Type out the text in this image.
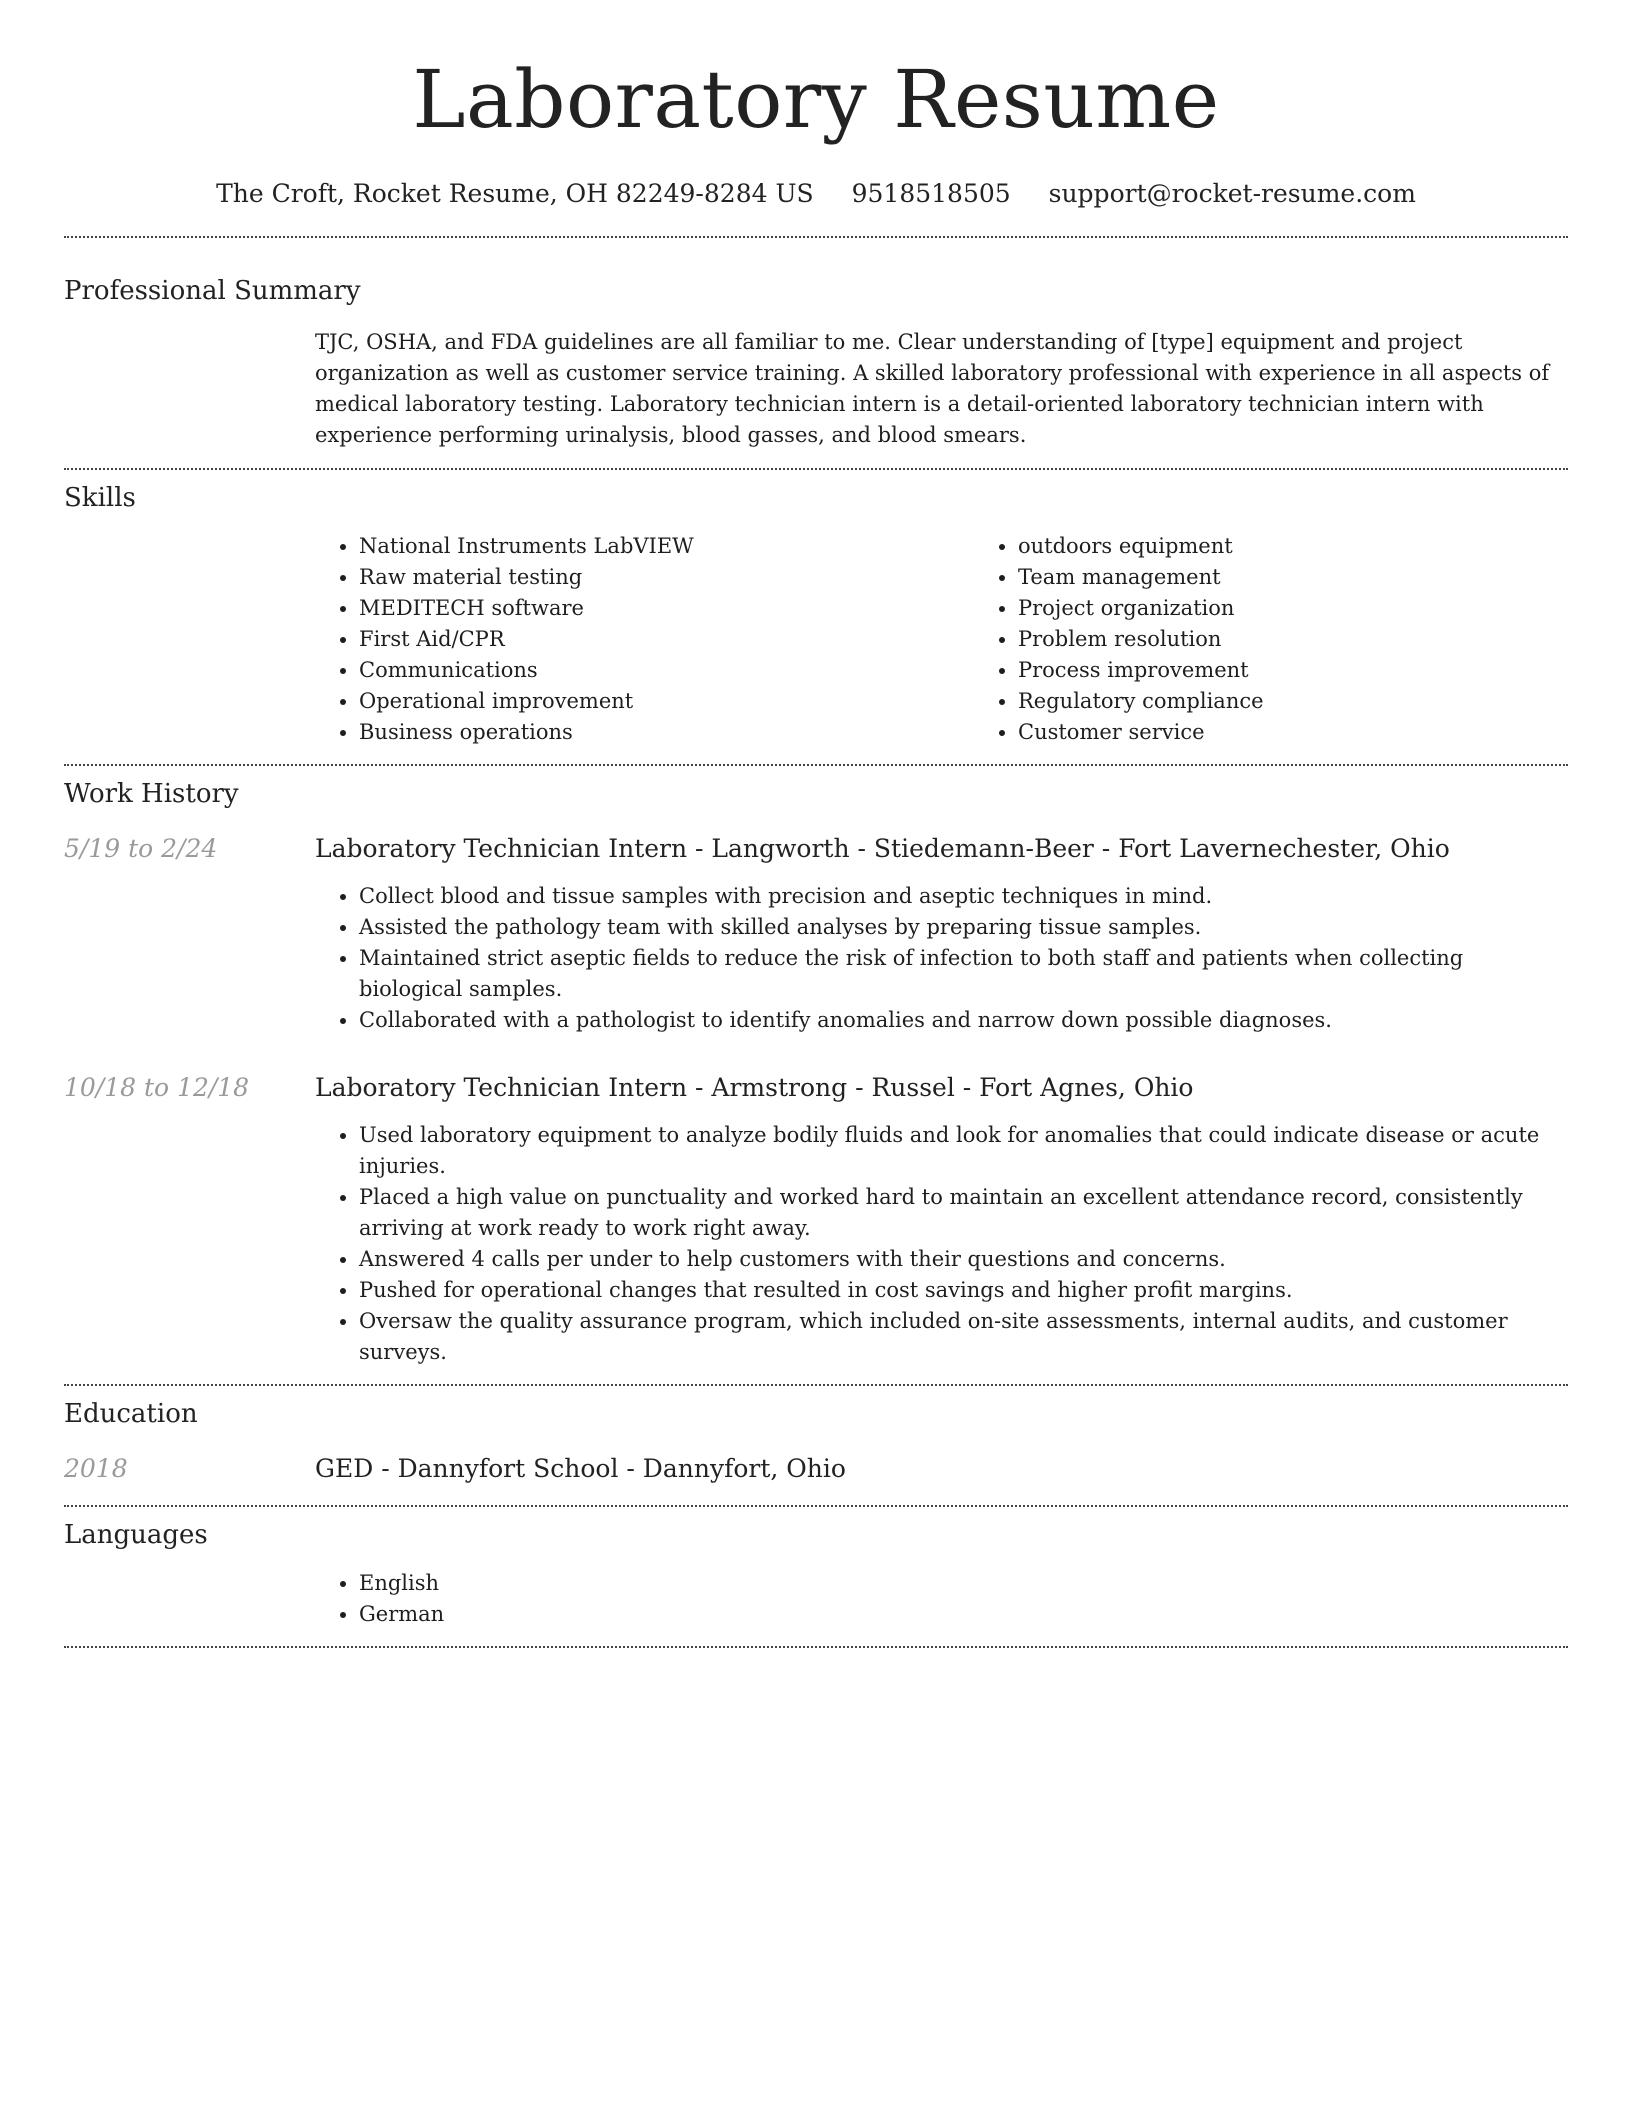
Laboratory Resume
The Croft, Rocket Resume, OH 82249-8284 US 9518518505 support@rocket-resume.com
Professional Summary

TJC, OSHA, and FDA guidelines are all familiar to me. Clear understanding of [type] equipment and project organization as well as customer service training. A skilled laboratory professional with experience in all aspects of medical laboratory testing. Laboratory technician intern is a detail-oriented laboratory technician intern with experience performing urinalysis, blood gasses, and blood smears.

Skills
• National Instruments LabVIEW
• Raw material testing
• MEDITECH software
• First Aid/CPR
• Communications
• Operational improvement
• Business operations
• outdoors equipment
• Team management
• Project organization
• Problem resolution
• Process improvement
• Regulatory compliance
• Customer service
Work History
5/19 to 2/24	Laboratory Technician Intern - Langworth - Stiedemann-Beer - Fort Lavernechester, Ohio
• Collect blood and tissue samples with precision and aseptic techniques in mind.
• Assisted the pathology team with skilled analyses by preparing tissue samples.
• Maintained strict aseptic fields to reduce the risk of infection to both staff and patients when collecting biological samples.
• Collaborated with a pathologist to identify anomalies and narrow down possible diagnoses.
10/18 to 12/18	Laboratory Technician Intern - Armstrong - Russel - Fort Agnes, Ohio
• Used laboratory equipment to analyze bodily fluids and look for anomalies that could indicate disease or acute injuries.
• Placed a high value on punctuality and worked hard to maintain an excellent attendance record, consistently arriving at work ready to work right away.
• Answered 4 calls per under to help customers with their questions and concerns.
• Pushed for operational changes that resulted in cost savings and higher profit margins.
• Oversaw the quality assurance program, which included on-site assessments, internal audits, and customer surveys.
Education
2018	GED - Dannyfort School - Dannyfort, Ohio
Languages
• English
• German
